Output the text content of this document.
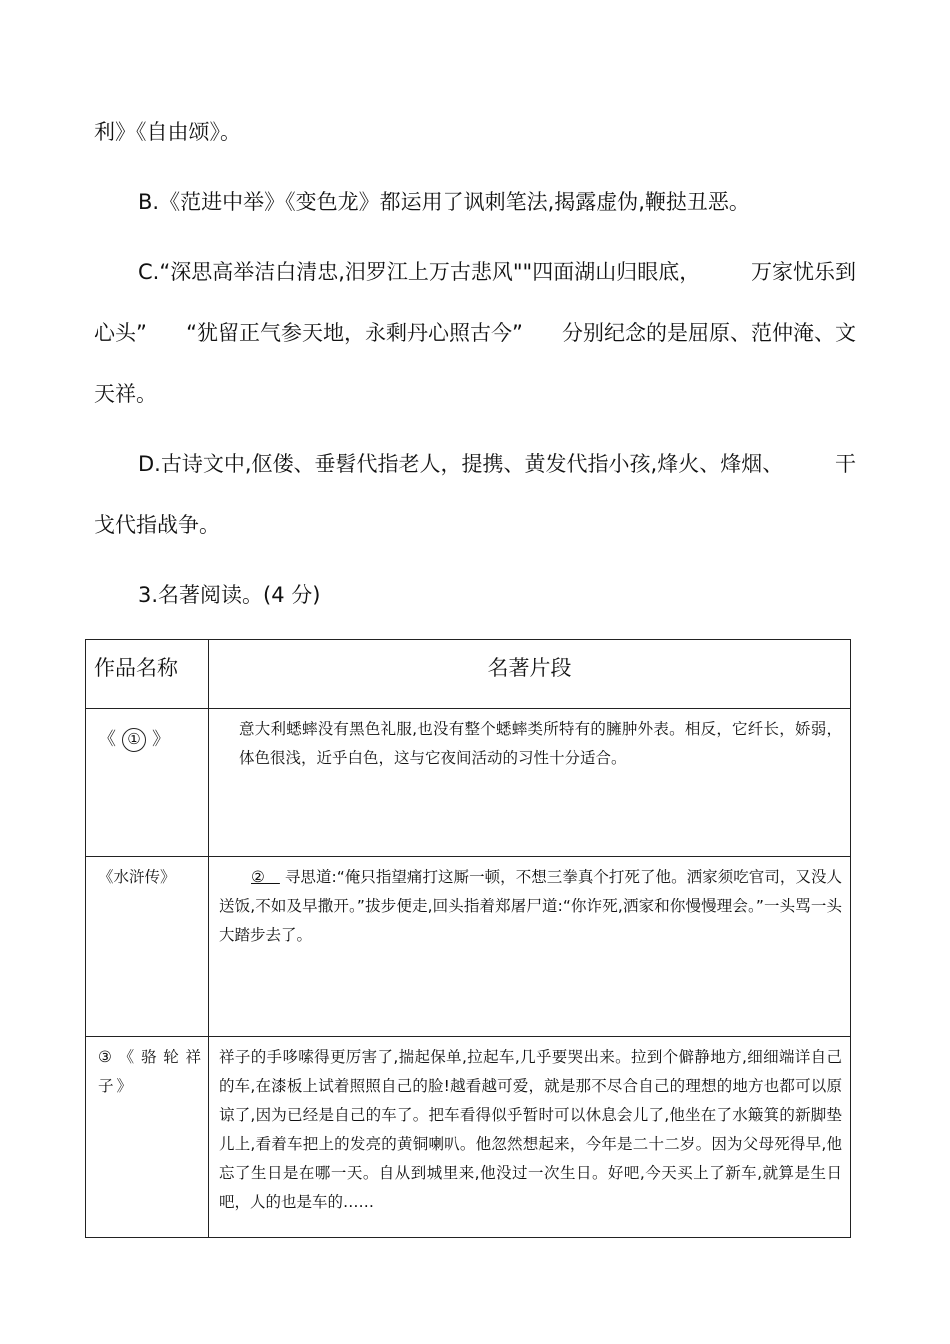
利》《自由颂》。
B.《范进中举》《变色龙》都运用了讽刺笔法,揭露虚伪,鞭挞丑恶。
C.“深思高举洁白清忠,汨罗江上万古悲风""四面湖山归眼底， 万家忧乐到
心头” “犹留正气参天地，永剩丹心照古今” 分别纪念的是屈原、范仲淹、文
天祥。
D.古诗文中,伛偻、垂髫代指老人，提携、黄发代指小孩,烽火、烽烟、 干
戈代指战争。
3.名著阅读。(4 分)
作品名称	名著片段

《 ① 》	意大利蟋蟀没有黑色礼服,也没有整个蟋蟀类所特有的臃肿外表。相反，它纤长，娇弱，体色很浅，近乎白色，这与它夜间活动的习性十分适合。

《水浒传》	② 寻思道:“俺只指望痛打这厮一顿，不想三拳真个打死了他。洒家须吃官司，又没人送饭,不如及早撒开。”拔步便走,回头指着郑屠尸道:“你诈死,洒家和你慢慢理会。”一头骂一头大踏步去了。
③《骆轮祥子》	祥子的手哆嗦得更厉害了,揣起保单,拉起车,几乎要哭出来。拉到个僻静地方,细细端详自己的车,在漆板上试着照照自己的脸!越看越可爱，就是那不尽合自己的理想的地方也都可以原谅了,因为已经是自己的车了。把车看得似乎暂时可以休息会儿了,他坐在了水簸箕的新脚垫儿上,看着车把上的发亮的黄铜喇叭。他忽然想起来，今年是二十二岁。因为父母死得早,他忘了生日是在哪一天。自从到城里来,他没过一次生日。好吧,今天买上了新车,就算是生日吧，人的也是车的……
